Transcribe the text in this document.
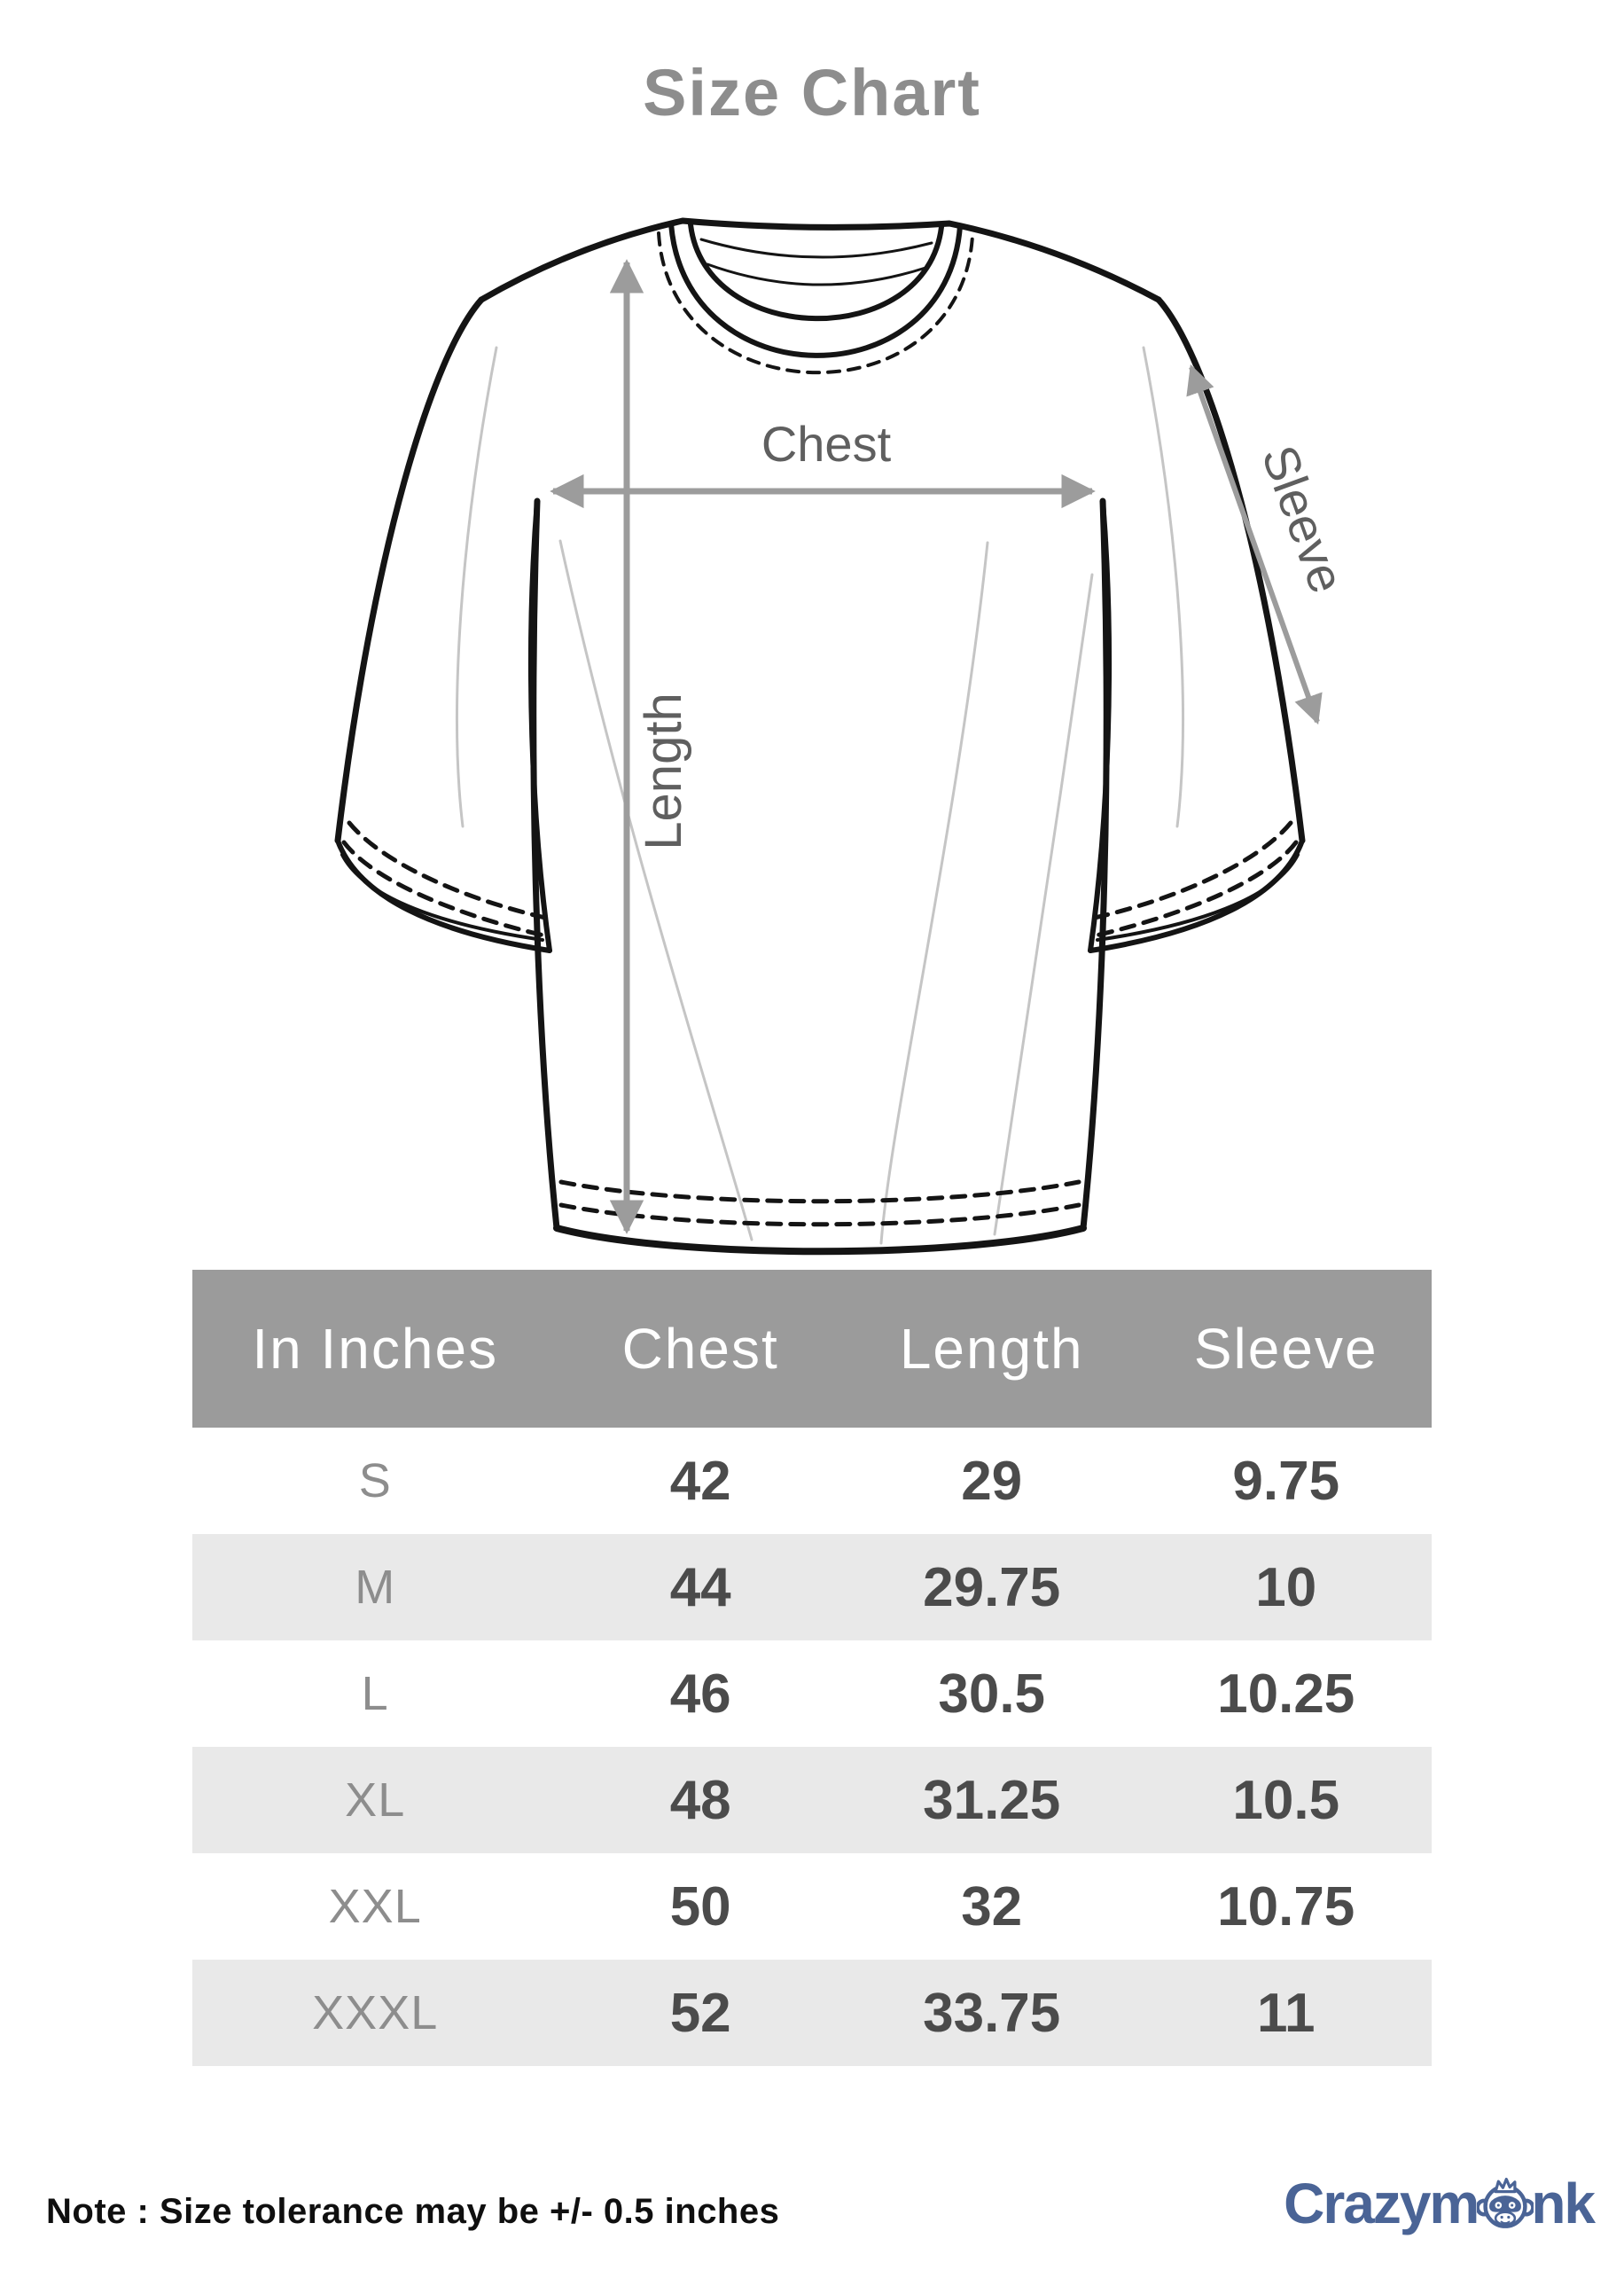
Size Chart
Chest
Length
Sleeve
In Inches	Chest	Length	Sleeve
S	42	29	9.75
M	44	29.75	10
L	46	30.5	10.25
XL	48	31.25	10.5
XXL	50	32	10.75
XXXL	52	33.75	11
Note : Size tolerance may be +/- 0.5 inches	Crazym nk
